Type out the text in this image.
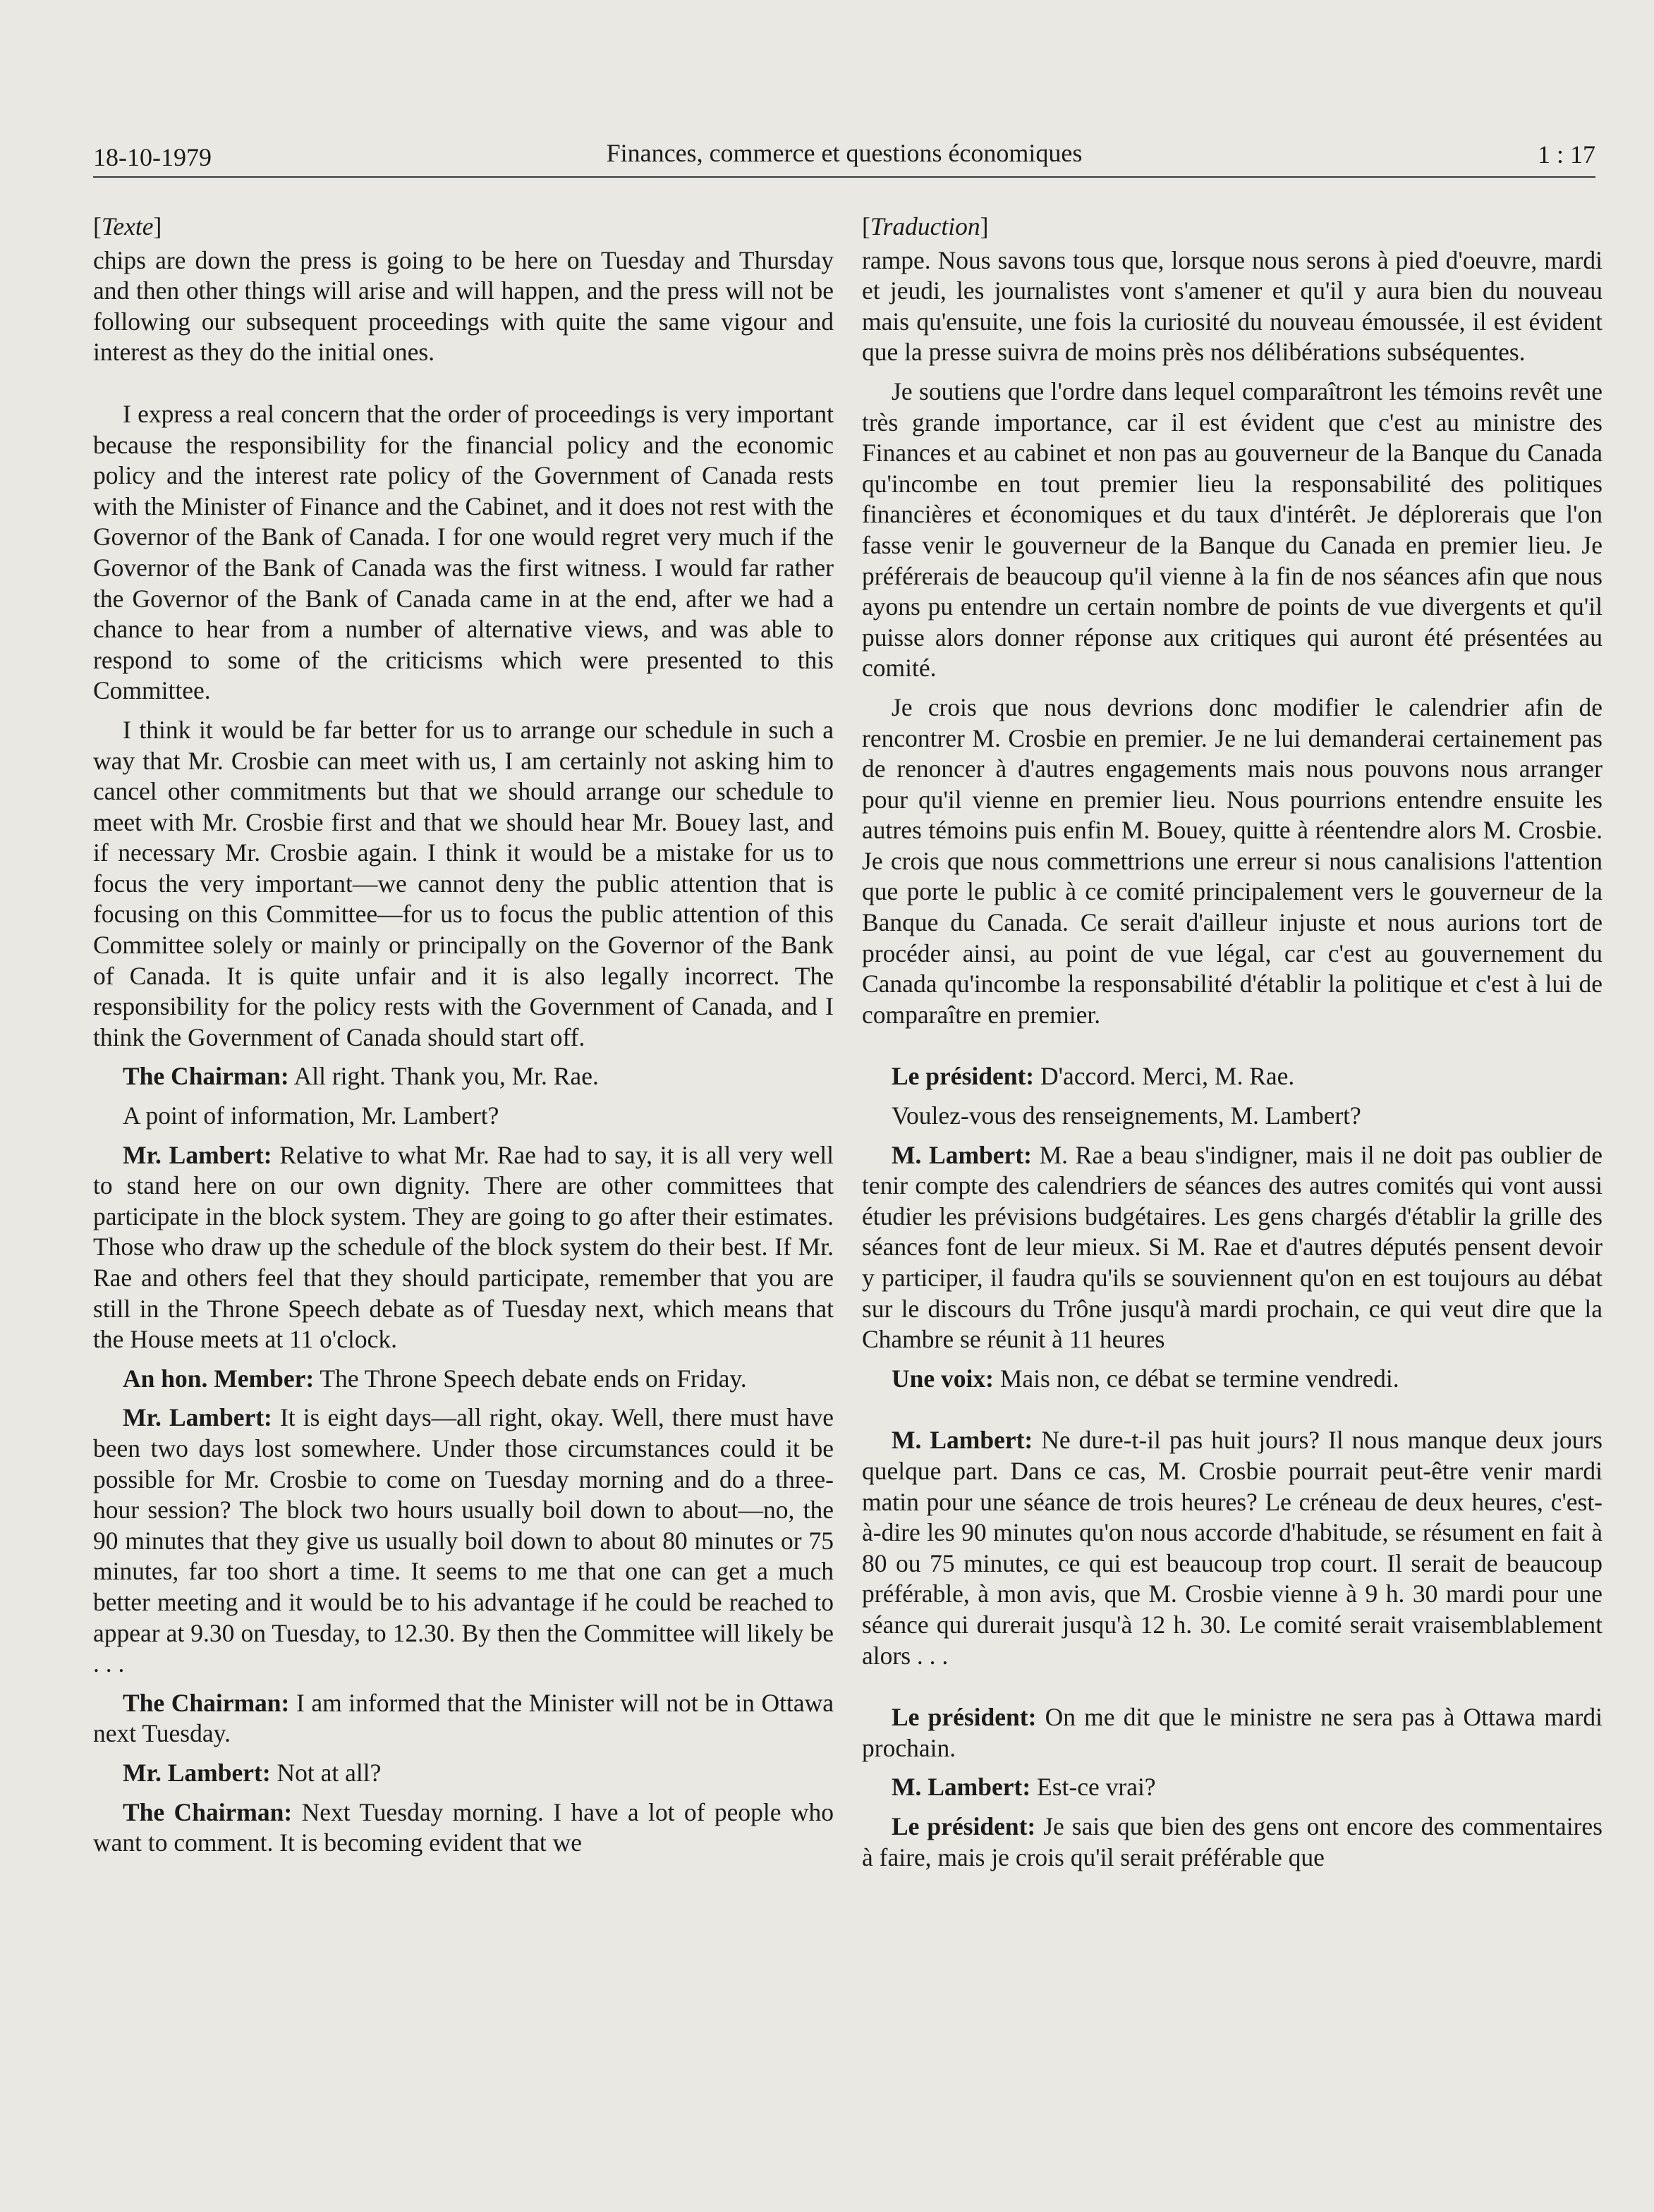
18-10-1979	Finances, commerce et questions économiques	1 : 17
[Texte]

chips are down the press is going to be here on Tuesday and Thursday and then other things will arise and will happen, and the press will not be following our subsequent proceedings with quite the same vigour and interest as they do the initial ones.

I express a real concern that the order of proceedings is very important because the responsibility for the financial policy and the economic policy and the interest rate policy of the Government of Canada rests with the Minister of Finance and the Cabinet, and it does not rest with the Governor of the Bank of Canada. I for one would regret very much if the Governor of the Bank of Canada was the first witness. I would far rather the Governor of the Bank of Canada came in at the end, after we had a chance to hear from a number of alternative views, and was able to respond to some of the criticisms which were presented to this Committee.

I think it would be far better for us to arrange our schedule in such a way that Mr. Crosbie can meet with us, I am certainly not asking him to cancel other commitments but that we should arrange our schedule to meet with Mr. Crosbie first and that we should hear Mr. Bouey last, and if necessary Mr. Crosbie again. I think it would be a mistake for us to focus the very important—we cannot deny the public attention that is focusing on this Committee—for us to focus the public attention of this Committee solely or mainly or principally on the Governor of the Bank of Canada. It is quite unfair and it is also legally incorrect. The responsibility for the policy rests with the Government of Canada, and I think the Government of Canada should start off.

The Chairman: All right. Thank you, Mr. Rae.

A point of information, Mr. Lambert?

Mr. Lambert: Relative to what Mr. Rae had to say, it is all very well to stand here on our own dignity. There are other committees that participate in the block system. They are going to go after their estimates. Those who draw up the schedule of the block system do their best. If Mr. Rae and others feel that they should participate, remember that you are still in the Throne Speech debate as of Tuesday next, which means that the House meets at 11 o'clock.

An hon. Member: The Throne Speech debate ends on Friday.

Mr. Lambert: It is eight days—all right, okay. Well, there must have been two days lost somewhere. Under those circumstances could it be possible for Mr. Crosbie to come on Tuesday morning and do a three-hour session? The block two hours usually boil down to about—no, the 90 minutes that they give us usually boil down to about 80 minutes or 75 minutes, far too short a time. It seems to me that one can get a much better meeting and it would be to his advantage if he could be reached to appear at 9.30 on Tuesday, to 12.30. By then the Committee will likely be . . .

The Chairman: I am informed that the Minister will not be in Ottawa next Tuesday.

Mr. Lambert: Not at all?

The Chairman: Next Tuesday morning. I have a lot of people who want to comment. It is becoming evident that we

[Traduction]

rampe. Nous savons tous que, lorsque nous serons à pied d'oeuvre, mardi et jeudi, les journalistes vont s'amener et qu'il y aura bien du nouveau mais qu'ensuite, une fois la curiosité du nouveau émoussée, il est évident que la presse suivra de moins près nos délibérations subséquentes.

Je soutiens que l'ordre dans lequel comparaîtront les témoins revêt une très grande importance, car il est évident que c'est au ministre des Finances et au cabinet et non pas au gouverneur de la Banque du Canada qu'incombe en tout premier lieu la responsabilité des politiques financières et économiques et du taux d'intérêt. Je déplorerais que l'on fasse venir le gouverneur de la Banque du Canada en premier lieu. Je préférerais de beaucoup qu'il vienne à la fin de nos séances afin que nous ayons pu entendre un certain nombre de points de vue divergents et qu'il puisse alors donner réponse aux critiques qui auront été présentées au comité.

Je crois que nous devrions donc modifier le calendrier afin de rencontrer M. Crosbie en premier. Je ne lui demanderai certainement pas de renoncer à d'autres engagements mais nous pouvons nous arranger pour qu'il vienne en premier lieu. Nous pourrions entendre ensuite les autres témoins puis enfin M. Bouey, quitte à réentendre alors M. Crosbie. Je crois que nous commettrions une erreur si nous canalisions l'attention que porte le public à ce comité principalement vers le gouverneur de la Banque du Canada. Ce serait d'ailleur injuste et nous aurions tort de procéder ainsi, au point de vue légal, car c'est au gouvernement du Canada qu'incombe la responsabilité d'établir la politique et c'est à lui de comparaître en premier.

Le président: D'accord. Merci, M. Rae.

Voulez-vous des renseignements, M. Lambert?

M. Lambert: M. Rae a beau s'indigner, mais il ne doit pas oublier de tenir compte des calendriers de séances des autres comités qui vont aussi étudier les prévisions budgétaires. Les gens chargés d'établir la grille des séances font de leur mieux. Si M. Rae et d'autres députés pensent devoir y participer, il faudra qu'ils se souviennent qu'on en est toujours au débat sur le discours du Trône jusqu'à mardi prochain, ce qui veut dire que la Chambre se réunit à 11 heures

Une voix: Mais non, ce débat se termine vendredi.

M. Lambert: Ne dure-t-il pas huit jours? Il nous manque deux jours quelque part. Dans ce cas, M. Crosbie pourrait peut-être venir mardi matin pour une séance de trois heures? Le créneau de deux heures, c'est-à-dire les 90 minutes qu'on nous accorde d'habitude, se résument en fait à 80 ou 75 minutes, ce qui est beaucoup trop court. Il serait de beaucoup préférable, à mon avis, que M. Crosbie vienne à 9 h. 30 mardi pour une séance qui durerait jusqu'à 12 h. 30. Le comité serait vraisemblablement alors . . .

Le président: On me dit que le ministre ne sera pas à Ottawa mardi prochain.

M. Lambert: Est-ce vrai?

Le président: Je sais que bien des gens ont encore des commentaires à faire, mais je crois qu'il serait préférable que
